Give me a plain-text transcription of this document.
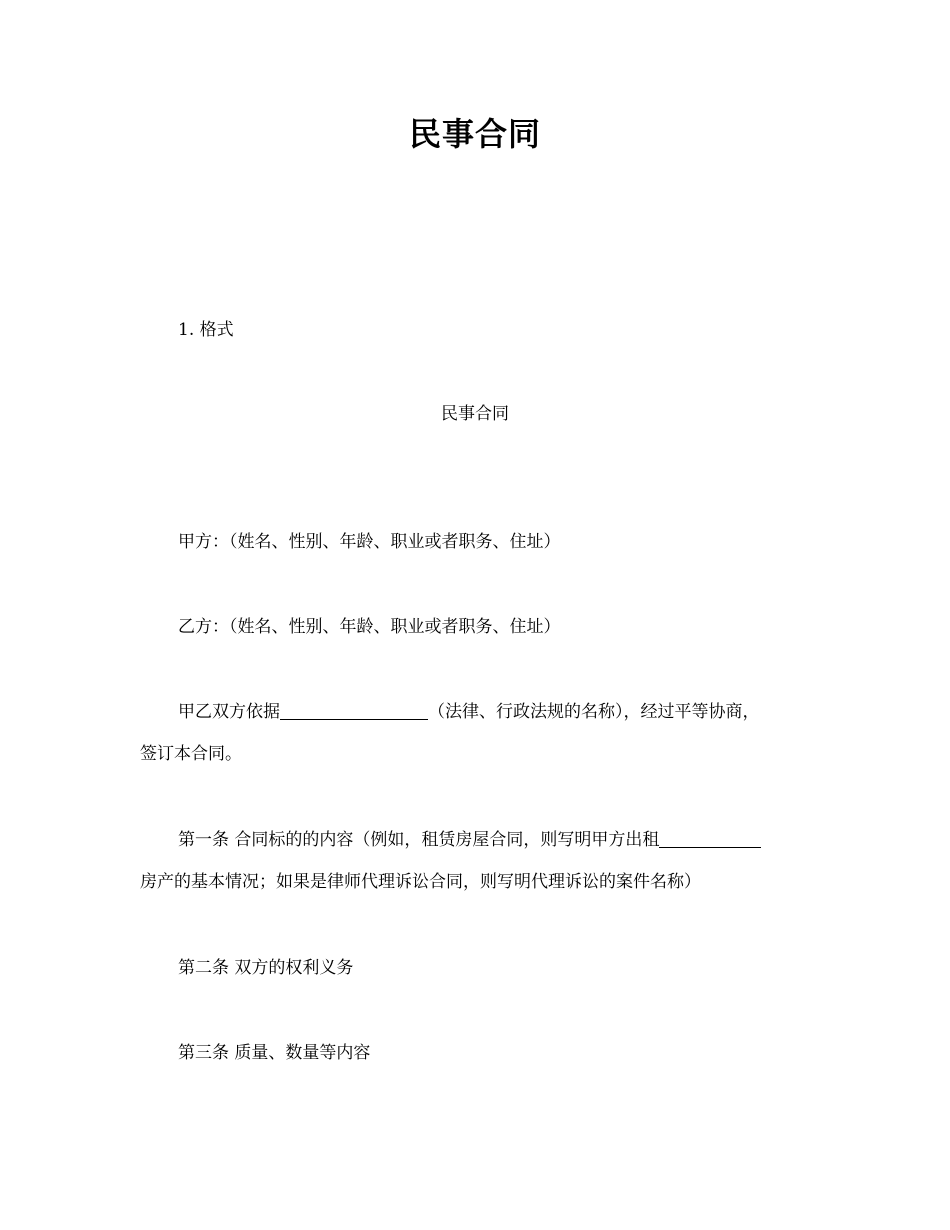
民事合同
1. 格式
民事合同
甲方：（姓名、性别、年龄、职业或者职务、住址）
乙方：（姓名、性别、年龄、职业或者职务、住址）
甲乙双方依据	（法律、行政法规的名称），经过平等协商，
签订本合同。
第一条 合同标的的内容（例如，租赁房屋合同，则写明甲方出租
房产的基本情况；如果是律师代理诉讼合同，则写明代理诉讼的案件名称）
第二条 双方的权利义务
第三条 质量、数量等内容
